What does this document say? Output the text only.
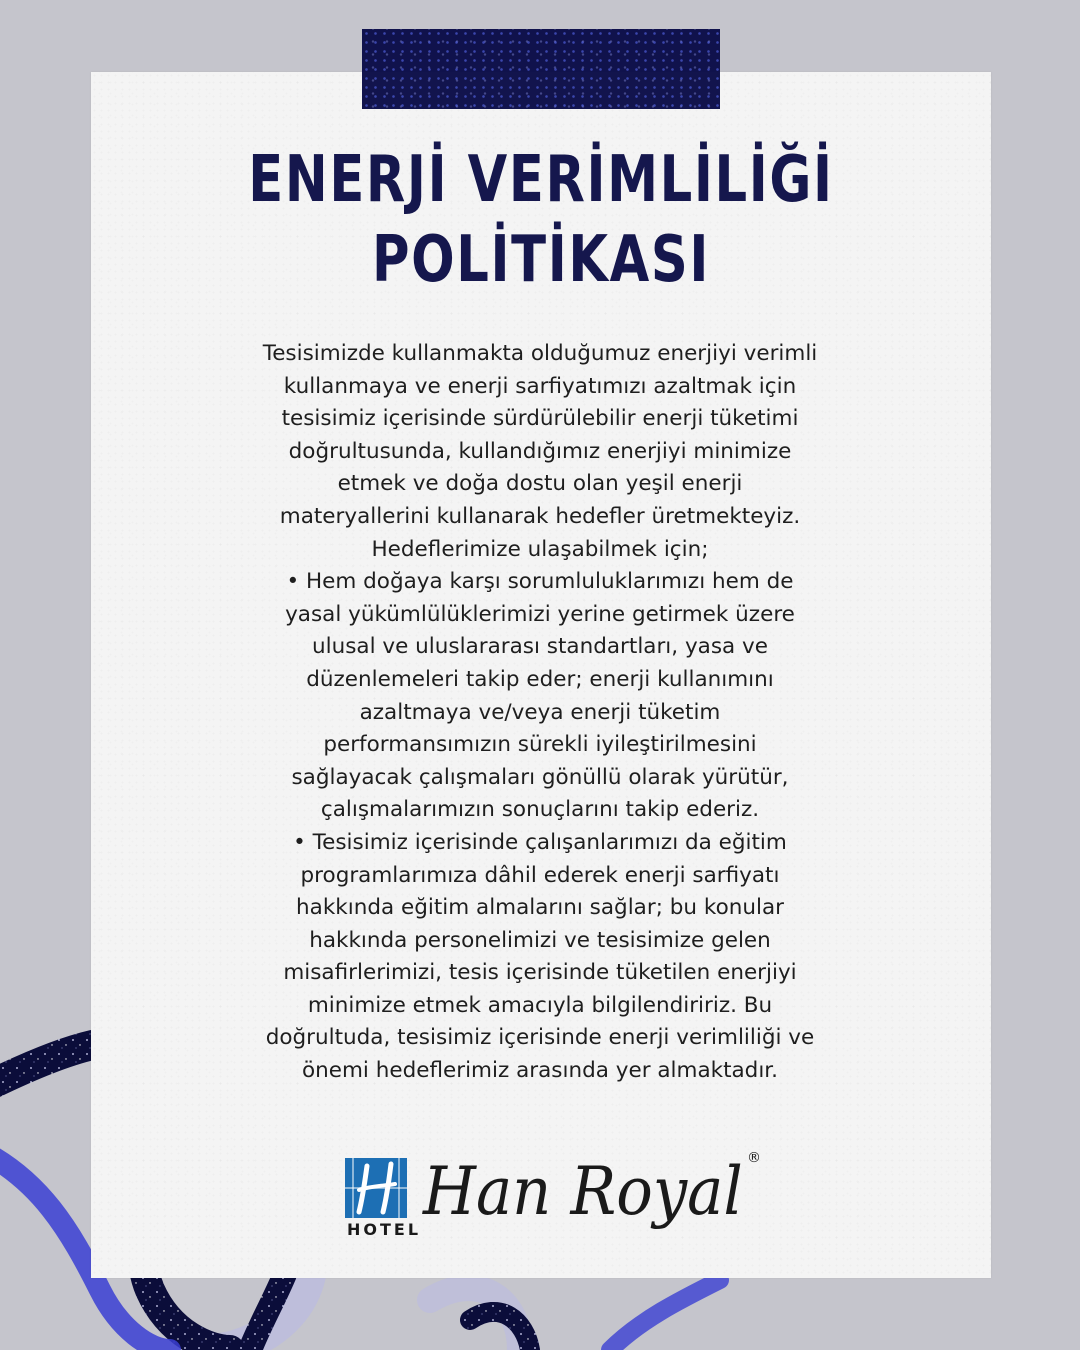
ENERJİ VERİMLİLİĞİ
POLİTİKASI
Tesisimizde kullanmakta olduğumuz enerjiyi verimli
kullanmaya ve enerji sarfiyatımızı azaltmak için
tesisimiz içerisinde sürdürülebilir enerji tüketimi
doğrultusunda, kullandığımız enerjiyi minimize
etmek ve doğa dostu olan yeşil enerji
materyallerini kullanarak hedefler üretmekteyiz.
Hedeflerimize ulaşabilmek için;
• Hem doğaya karşı sorumluluklarımızı hem de
yasal yükümlülüklerimizi yerine getirmek üzere
ulusal ve uluslararası standartları, yasa ve
düzenlemeleri takip eder; enerji kullanımını
azaltmaya ve/veya enerji tüketim
performansımızın sürekli iyileştirilmesini
sağlayacak çalışmaları gönüllü olarak yürütür,
çalışmalarımızın sonuçlarını takip ederiz.
• Tesisimiz içerisinde çalışanlarımızı da eğitim
programlarımıza dâhil ederek enerji sarfiyatı
hakkında eğitim almalarını sağlar; bu konular
hakkında personelimizi ve tesisimize gelen
misafirlerimizi, tesis içerisinde tüketilen enerjiyi
minimize etmek amacıyla bilgilendiririz. Bu
doğrultuda, tesisimiz içerisinde enerji verimliliği ve
önemi hedeflerimiz arasında yer almaktadır.
HOTEL Han Royal ®
